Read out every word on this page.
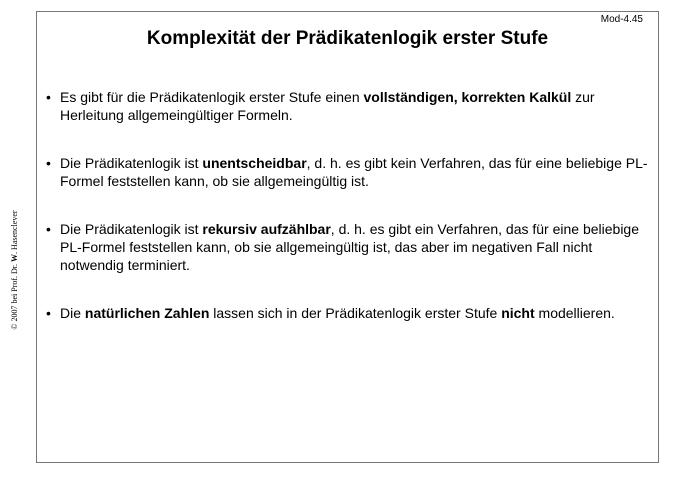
Mod-4.45
Komplexität der Prädikatenlogik erster Stufe
• Es gibt für die Prädikatenlogik erster Stufe einen vollständigen, korrekten Kalkül zur Herleitung allgemeingültiger Formeln.
• Die Prädikatenlogik ist unentscheidbar, d. h. es gibt kein Verfahren, das für eine beliebige PL-Formel feststellen kann, ob sie allgemeingültig ist.
• Die Prädikatenlogik ist rekursiv aufzählbar, d. h. es gibt ein Verfahren, das für eine beliebige PL-Formel feststellen kann, ob sie allgemeingültig ist, das aber im negativen Fall nicht notwendig terminiert.
• Die natürlichen Zahlen lassen sich in der Prädikatenlogik erster Stufe nicht modellieren.
© 2007 bei Prof. Dr. W. Hasenclever
